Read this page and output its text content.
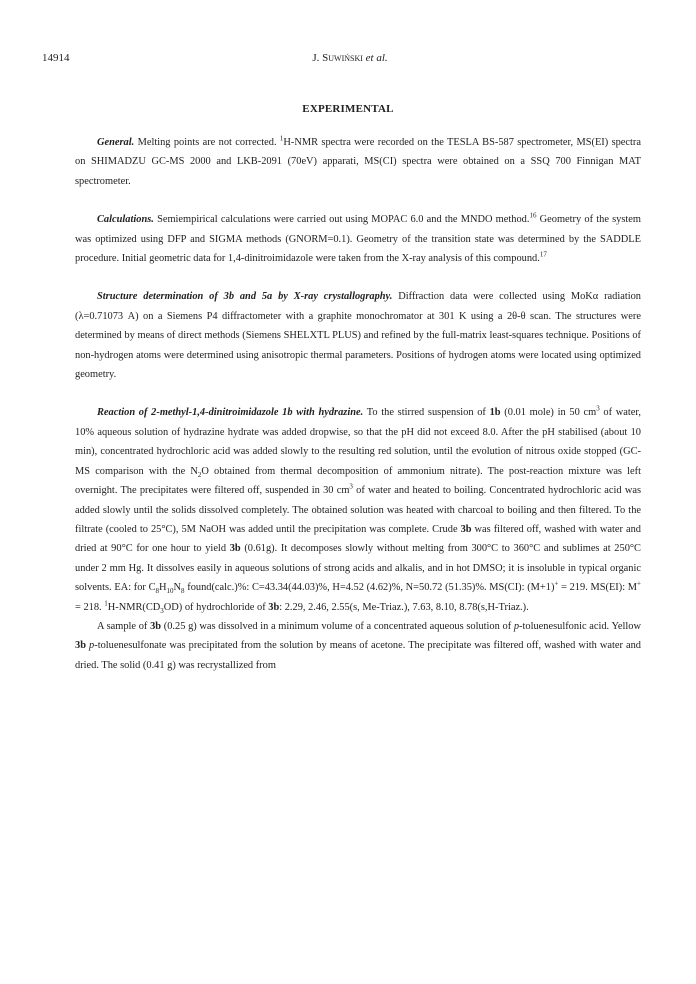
14914	J. Suwiński et al.
EXPERIMENTAL

General. Melting points are not corrected. $^1$H-NMR spectra were recorded on the TESLA BS-587 spectrometer, MS(EI) spectra on SHIMADZU GC-MS 2000 and LKB-2091 (70eV) apparati, MS(CI) spectra were obtained on a SSQ 700 Finnigan MAT spectrometer.

Calculations. Semiempirical calculations were carried out using MOPAC 6.0 and the MNDO method.$^{16}$ Geometry of the system was optimized using DFP and SIGMA methods (GNORM=0.1). Geometry of the transition state was determined by the SADDLE procedure. Initial geometric data for 1,4-dinitroimidazole were taken from the X-ray analysis of this compound.$^{17}$

Structure determination of 3b and 5a by X-ray crystallography. Diffraction data were collected using MoKα radiation (λ=0.71073 A) on a Siemens P4 diffractometer with a graphite monochromator at 301 K using a 2θ-θ scan. The structures were determined by means of direct methods (Siemens SHELXTL PLUS) and refined by the full-matrix least-squares technique. Positions of non-hydrogen atoms were determined using anisotropic thermal parameters. Positions of hydrogen atoms were located using optimized geometry.

Reaction of 2-methyl-1,4-dinitroimidazole 1b with hydrazine. To the stirred suspension of 1b (0.01 mole) in 50 $cm^3$ of water, 10% aqueous solution of hydrazine hydrate was added dropwise, so that the pH did not exceed 8.0. After the pH stabilised (about 10 min), concentrated hydrochloric acid was added slowly to the resulting red solution, until the evolution of nitrous oxide stopped (GC-MS comparison with the $N_2O$ obtained from thermal decomposition of ammonium nitrate). The post-reaction mixture was left overnight. The precipitates were filtered off, suspended in 30 $cm^3$ of water and heated to boiling. Concentrated hydrochloric acid was added slowly until the solids dissolved completely. The obtained solution was heated with charcoal to boiling and then filtered. To the filtrate (cooled to 25°C), 5M NaOH was added until the precipitation was complete. Crude 3b was filtered off, washed with water and dried at 90°C for one hour to yield 3b (0.61g). It decomposes slowly without melting from 300°C to 360°C and sublimes at 250°C under 2 mm Hg. It dissolves easily in aqueous solutions of strong acids and alkalis, and in hot DMSO; it is insoluble in typical organic solvents. EA: for $C_8H_{10}N_8$ found(calc.)%: C=43.34(44.03)%, H=4.52 (4.62)%, N=50.72 (51.35)%. MS(CI): (M+1)+ = 219. MS(EI): M+ = 218. $^1H-NMR(CD_3OD)$ of hydrochloride of 3b: 2.29, 2.46, 2.55(s, Me-Triaz.), 7.63, 8.10, 8.78(s,H-Triaz.).

A sample of 3b (0.25 g) was dissolved in a minimum volume of a concentrated aqueous solution of p-toluenesulfonic acid. Yellow 3b p-toluenesulfonate was precipitated from the solution by means of acetone. The precipitate was filtered off, washed with water and dried. The solid (0.41 g) was recrystallized from
